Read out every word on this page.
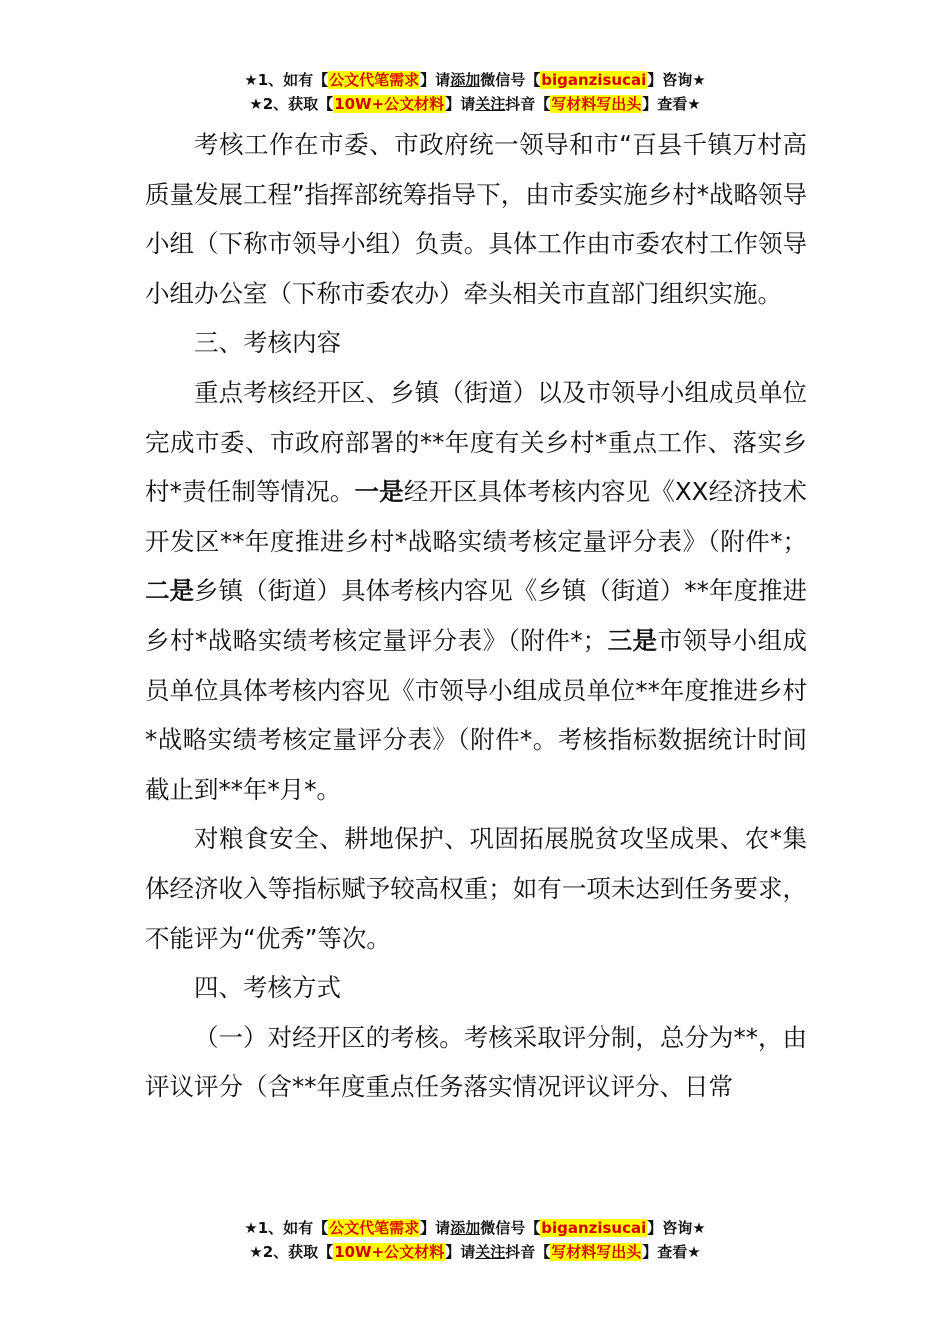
★1、如有【公文代笔需求】请添加微信号【biganzisucai】咨询★
★2、获取【10W+公文材料】请关注抖音【写材料写出头】查看★

考核工作在市委、市政府统一领导和市“百县千镇万村高质量发展工程”指挥部统筹指导下，由市委实施乡村*战略领导小组（下称市领导小组）负责。具体工作由市委农村工作领导小组办公室（下称市委农办）牵头相关市直部门组织实施。

三、考核内容

重点考核经开区、乡镇（街道）以及市领导小组成员单位完成市委、市政府部署的**年度有关乡村*重点工作、落实乡村*责任制等情况。一是经开区具体考核内容见《XX经济技术开发区**年度推进乡村*战略实绩考核定量评分表》（附件*；二是乡镇（街道）具体考核内容见《乡镇（街道）**年度推进乡村*战略实绩考核定量评分表》（附件*；三是市领导小组成员单位具体考核内容见《市领导小组成员单位**年度推进乡村*战略实绩考核定量评分表》（附件*。考核指标数据统计时间截止到**年*月*。

对粮食安全、耕地保护、巩固拓展脱贫攻坚成果、农*集体经济收入等指标赋予较高权重；如有一项未达到任务要求，不能评为“优秀”等次。

四、考核方式

（一）对经开区的考核。考核采取评分制，总分为**，由评议评分（含**年度重点任务落实情况评议评分、日常

★1、如有【公文代笔需求】请添加微信号【biganzisucai】咨询★
★2、获取【10W+公文材料】请关注抖音【写材料写出头】查看★
